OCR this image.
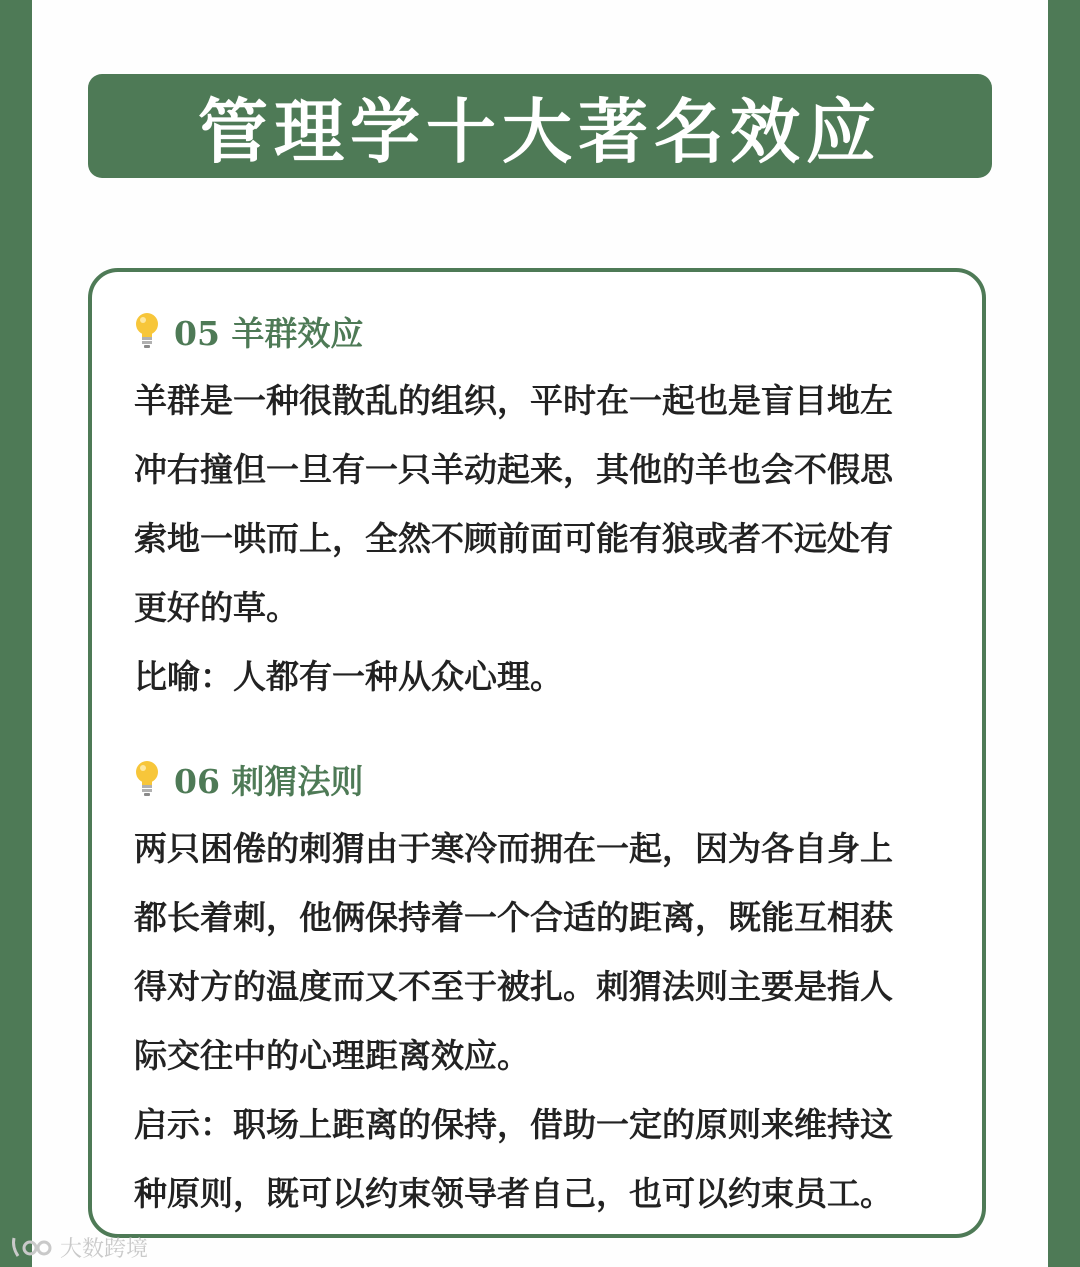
管理学十大著名效应
05 羊群效应

羊群是一种很散乱的组织，平时在一起也是盲目地左

冲右撞但一旦有一只羊动起来，其他的羊也会不假思

索地一哄而上，全然不顾前面可能有狼或者不远处有

更好的草。

比喻：人都有一种从众心理。

06 刺猬法则

两只困倦的刺猬由于寒冷而拥在一起，因为各自身上

都长着刺，他俩保持着一个合适的距离，既能互相获

得对方的温度而又不至于被扎。刺猬法则主要是指人

际交往中的心理距离效应。

启示：职场上距离的保持，借助一定的原则来维持这

种原则，既可以约束领导者自己，也可以约束员工。

大数跨境
